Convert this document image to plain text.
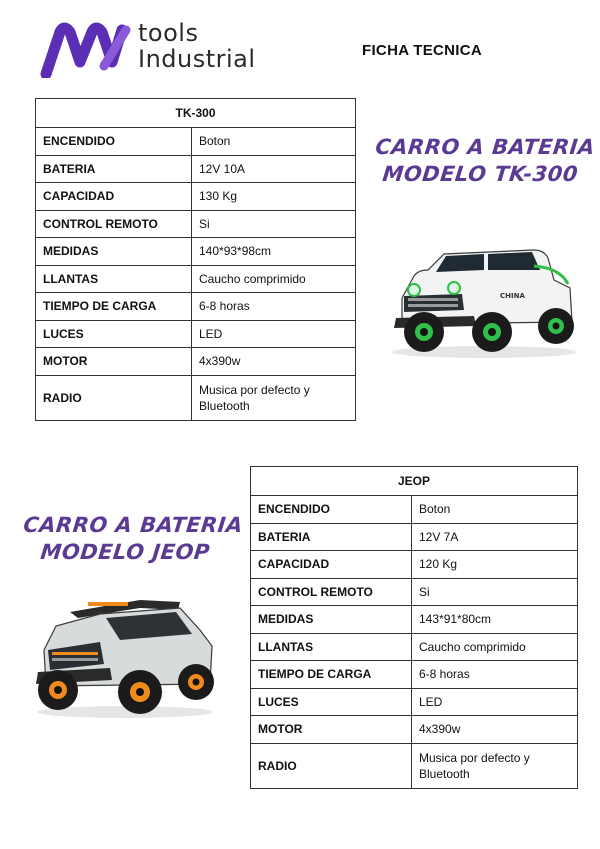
tools
Industrial	FICHA TECNICA
TK-300	
ENCENDIDO	Boton
BATERIA	12V 10A
CAPACIDAD	130 Kg
CONTROL REMOTO	Si
MEDIDAS	140*93*98cm
LLANTAS	Caucho comprimido
TIEMPO DE CARGA	6-8 horas
LUCES	LED
MOTOR	4x390w
RADIO	Musica por defecto y Bluetooth
CARRO A BATERIA
MODELO TK-300
CHINA
JEOP	
ENCENDIDO	Boton
BATERIA	12V 7A
CAPACIDAD	120 Kg
CONTROL REMOTO	Si
MEDIDAS	143*91*80cm
LLANTAS	Caucho comprimido
TIEMPO DE CARGA	6-8 horas
LUCES	LED
MOTOR	4x390w
RADIO	Musica por defecto y Bluetooth
CARRO A BATERIA
MODELO JEOP
